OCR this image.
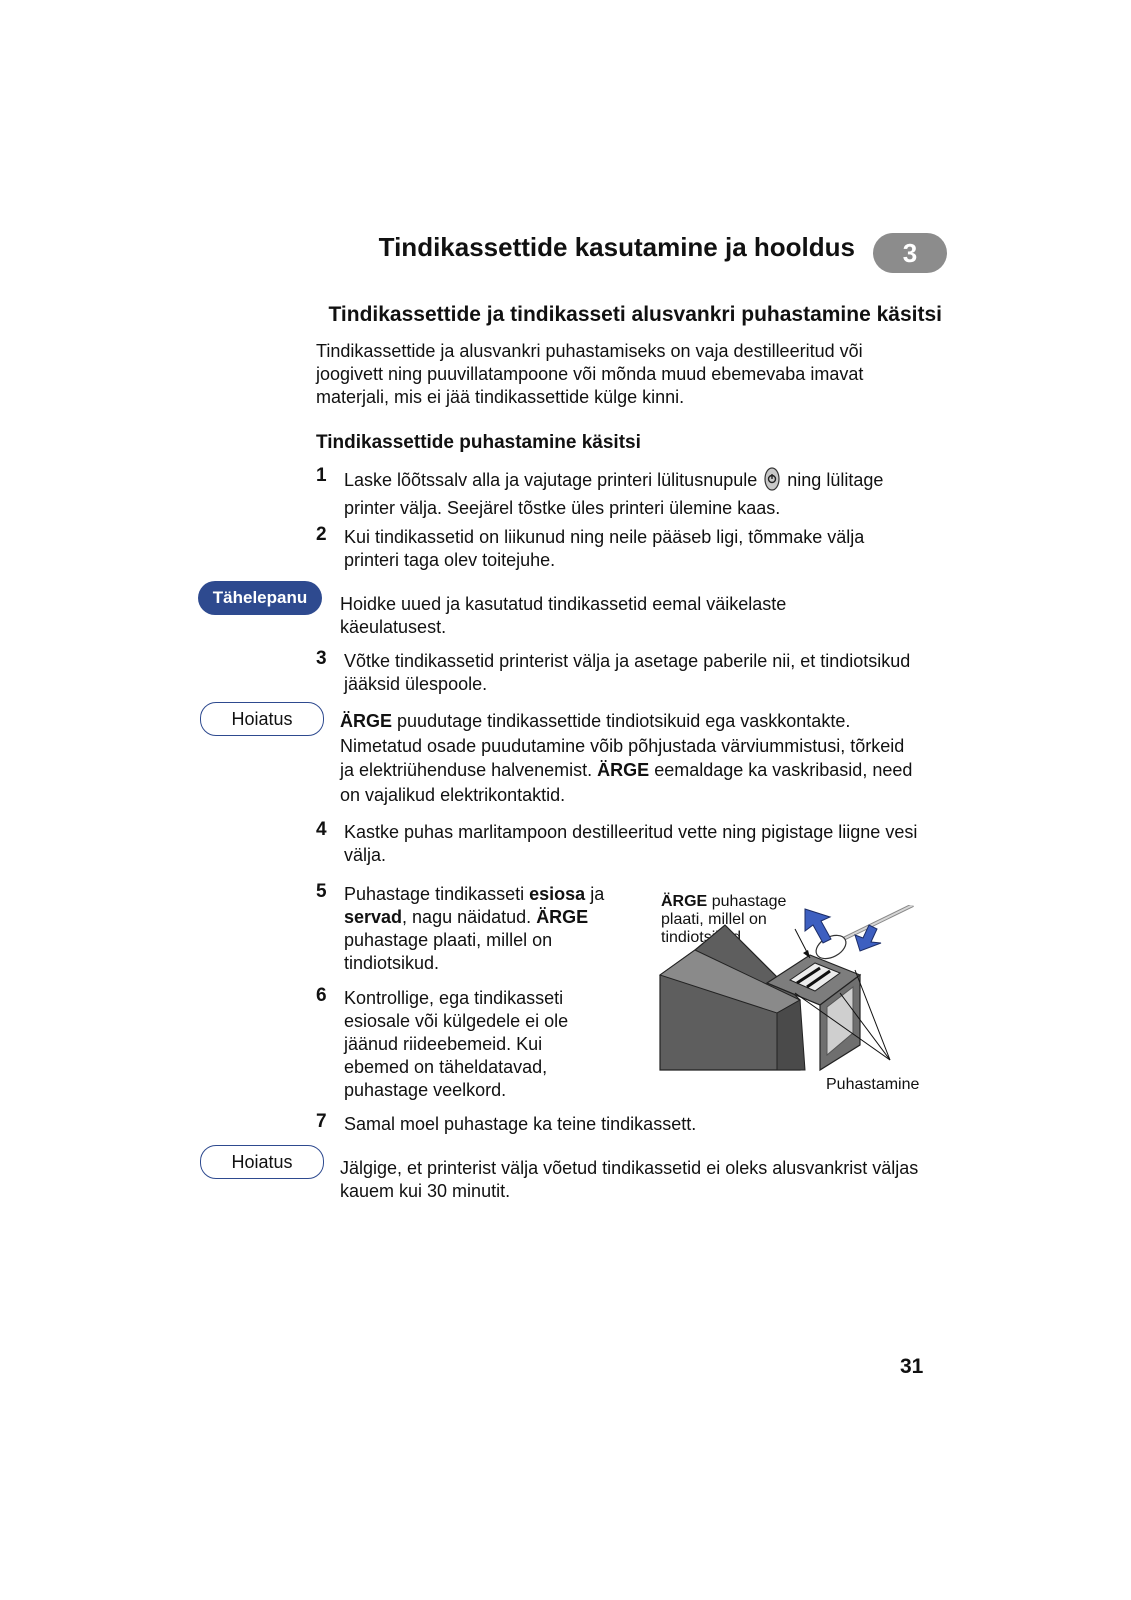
Tindikassettide kasutamine ja hooldus	3
Tindikassettide ja tindikasseti alusvankri puhastamine käsitsi
Tindikassettide ja alusvankri puhastamiseks on vaja destilleeritud või joogivett ning puuvillatampoone või mõnda muud ebemevaba imavat materjali, mis ei jää tindikassettide külge kinni.
Tindikassettide puhastamine käsitsi
1 Laske lõõtssalv alla ja vajutage printeri lülitusnupule ning lülitage
printer välja. Seejärel tõstke üles printeri ülemine kaas.
2 Kui tindikassetid on liikunud ning neile pääseb ligi, tõmmake välja printeri taga olev toitejuhe.
Tähelepanu	Hoidke uued ja kasutatud tindikassetid eemal väikelaste käeulatusest.
3 Võtke tindikassetid printerist välja ja asetage paberile nii, et tindiotsikud jääksid ülespoole.
Hoiatus	ÄRGE puudutage tindikassettide tindiotsikuid ega vaskkontakte. Nimetatud osade puudutamine võib põhjustada värviummistusi, tõrkeid ja elektriühenduse halvenemist. ÄRGE eemaldage ka vaskribasid, need on vajalikud elektrikontaktid.
4 Kastke puhas marlitampoon destilleeritud vette ning pigistage liigne vesi välja.
5 Puhastage tindikasseti esiosa ja servad, nagu näidatud. ÄRGE puhastage plaati, millel on tindiotsikud.
6 Kontrollige, ega tindikasseti esiosale või külgedele ei ole jäänud riideebemeid. Kui ebemed on täheldatavad, puhastage veelkord.
ÄRGE puhastage plaati, millel on tindiotsikud
Puhastamine
7 Samal moel puhastage ka teine tindikassett.
Hoiatus	Jälgige, et printerist välja võetud tindikassetid ei oleks alusvankrist väljas kauem kui 30 minutit.
31
